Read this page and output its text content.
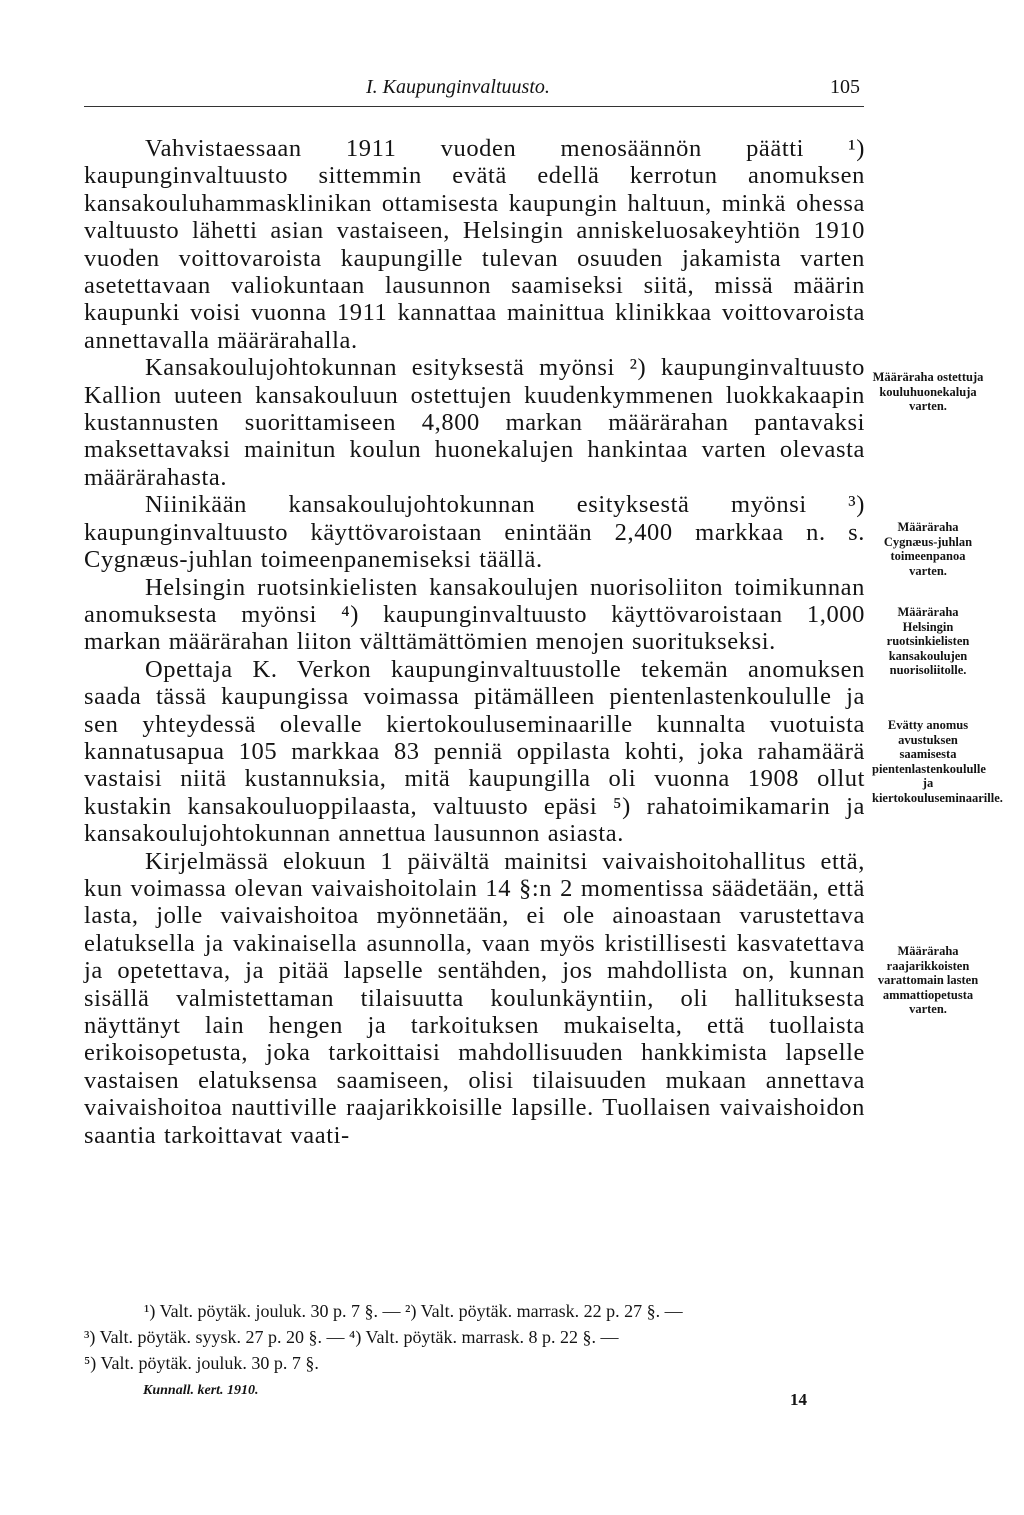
I. Kaupunginvaltuusto.	105

Vahvistaessaan 1911 vuoden menosäännön päätti ¹) kaupunginvaltuusto sittemmin evätä edellä kerrotun anomuksen kansakouluhammasklinikan ottamisesta kaupungin haltuun, minkä ohessa valtuusto lähetti asian vastaiseen, Helsingin anniskeluosakeyhtiön 1910 vuoden voittovaroista kaupungille tulevan osuuden jakamista varten asetettavaan valiokuntaan lausunnon saamiseksi siitä, missä määrin kaupunki voisi vuonna 1911 kannattaa mainittua klinikkaa voittovaroista annettavalla määrärahalla.

Kansakoulujohtokunnan esityksestä myönsi ²) kaupunginvaltuusto Kallion uuteen kansakouluun ostettujen kuudenkymmenen luokkakaapin kustannusten suorittamiseen 4,800 markan määrärahan pantavaksi maksettavaksi mainitun koulun huonekalujen hankintaa varten olevasta määrärahasta.

Niinikään kansakoulujohtokunnan esityksestä myönsi ³) kaupunginvaltuusto käyttövaroistaan enintään 2,400 markkaa n. s. Cygnæus-juhlan toimeenpanemiseksi täällä.

Helsingin ruotsinkielisten kansakoulujen nuorisoliiton toimikunnan anomuksesta myönsi ⁴) kaupunginvaltuusto käyttövaroistaan 1,000 markan määrärahan liiton välttämättömien menojen suoritukseksi.

Opettaja K. Verkon kaupunginvaltuustolle tekemän anomuksen saada tässä kaupungissa voimassa pitämälleen pientenlastenkoululle ja sen yhteydessä olevalle kiertokouluseminaarille kunnalta vuotuista kannatusapua 105 markkaa 83 penniä oppilasta kohti, joka rahamäärä vastaisi niitä kustannuksia, mitä kaupungilla oli vuonna 1908 ollut kustakin kansakouluoppilaasta, valtuusto epäsi ⁵) rahatoimikamarin ja kansakoulujohtokunnan annettua lausunnon asiasta.

Kirjelmässä elokuun 1 päivältä mainitsi vaivaishoitohallitus että, kun voimassa olevan vaivaishoitolain 14 §:n 2 momentissa säädetään, että lasta, jolle vaivaishoitoa myönnetään, ei ole ainoastaan varustettava elatuksella ja vakinaisella asunnolla, vaan myös kristillisesti kasvatettava ja opetettava, ja pitää lapselle sentähden, jos mahdollista on, kunnan sisällä valmistettaman tilaisuutta koulunkäyntiin, oli hallituksesta näyttänyt lain hengen ja tarkoituksen mukaiselta, että tuollaista erikoisopetusta, joka tarkoittaisi mahdollisuuden hankkimista lapselle vastaisen elatuksensa saamiseen, olisi tilaisuuden mukaan annettava vaivaishoitoa nauttiville raajarikkoisille lapsille. Tuollaisen vaivaishoidon saantia tarkoittavat vaati-

Määräraha ostettuja kouluhuonekaluja varten.
Määräraha Cygnæus-juhlan toimeenpanoa varten.
Määräraha Helsingin ruotsinkielisten kansakoulujen nuorisoliitolle.
Evätty anomus avustuksen saamisesta pientenlastenkoululle ja kiertokouluseminaarille.
Määräraha raajarikkoisten varattomain lasten ammattiopetusta varten.

¹) Valt. pöytäk. jouluk. 30 p. 7 §. — ²) Valt. pöytäk. marrask. 22 p. 27 §. —

³) Valt. pöytäk. syysk. 27 p. 20 §. — ⁴) Valt. pöytäk. marrask. 8 p. 22 §. —

⁵) Valt. pöytäk. jouluk. 30 p. 7 §.

Kunnall. kert. 1910.	14
